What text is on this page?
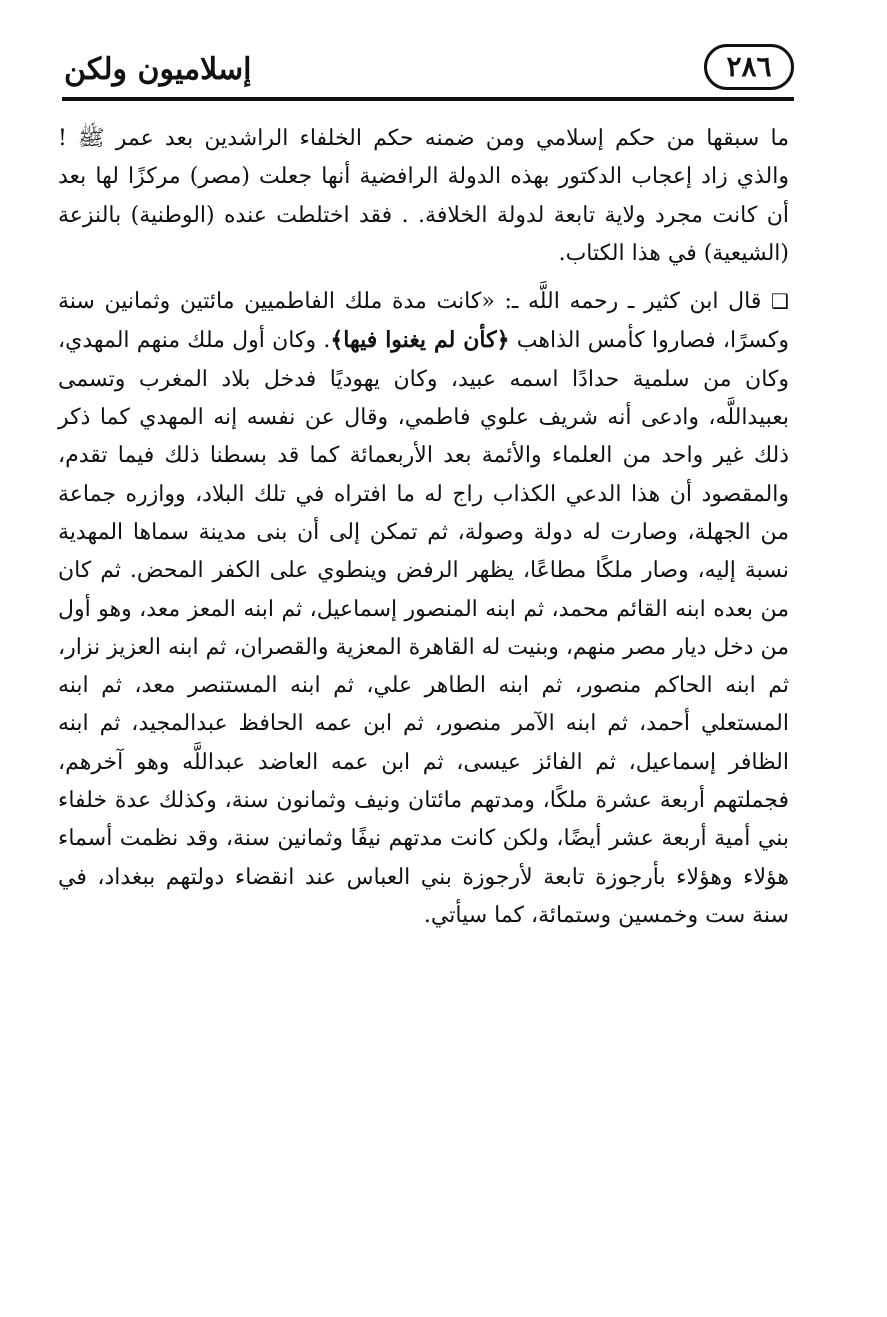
إسلاميون ولكن	٢٨٦

ما سبقها من حكم إسلامي ومن ضمنه حكم الخلفاء الراشدين بعد عمر ﷺ ! والذي زاد إعجاب الدكتور بهذه الدولة الرافضية أنها جعلت (مصر) مركزًا لها بعد أن كانت مجرد ولاية تابعة لدولة الخلافة. . فقد اختلطت عنده (الوطنية) بالنزعة (الشيعية) في هذا الكتاب.

❑ قال ابن كثير ـ رحمه اللَّه ـ: «كانت مدة ملك الفاطميين مائتين وثمانين سنة وكسرًا، فصاروا كأمس الذاهب ﴿كأن لم يغنوا فيها﴾. وكان أول ملك منهم المهدي، وكان من سلمية حدادًا اسمه عبيد، وكان يهوديًا فدخل بلاد المغرب وتسمى بعبيداللَّه، وادعى أنه شريف علوي فاطمي، وقال عن نفسه إنه المهدي كما ذكر ذلك غير واحد من العلماء والأئمة بعد الأربعمائة كما قد بسطنا ذلك فيما تقدم، والمقصود أن هذا الدعي الكذاب راج له ما افتراه في تلك البلاد، ووازره جماعة من الجهلة، وصارت له دولة وصولة، ثم تمكن إلى أن بنى مدينة سماها المهدية نسبة إليه، وصار ملكًا مطاعًا، يظهر الرفض وينطوي على الكفر المحض. ثم كان من بعده ابنه القائم محمد، ثم ابنه المنصور إسماعيل، ثم ابنه المعز معد، وهو أول من دخل ديار مصر منهم، وبنيت له القاهرة المعزية والقصران، ثم ابنه العزيز نزار، ثم ابنه الحاكم منصور، ثم ابنه الطاهر علي، ثم ابنه المستنصر معد، ثم ابنه المستعلي أحمد، ثم ابنه الآمر منصور، ثم ابن عمه الحافظ عبدالمجيد، ثم ابنه الظافر إسماعيل، ثم الفائز عيسى، ثم ابن عمه العاضد عبداللَّه وهو آخرهم، فجملتهم أربعة عشرة ملكًا، ومدتهم مائتان ونيف وثمانون سنة، وكذلك عدة خلفاء بني أمية أربعة عشر أيضًا، ولكن كانت مدتهم نيفًا وثمانين سنة، وقد نظمت أسماء هؤلاء وهؤلاء بأرجوزة تابعة لأرجوزة بني العباس عند انقضاء دولتهم ببغداد، في سنة ست وخمسين وستمائة، كما سيأتي.
